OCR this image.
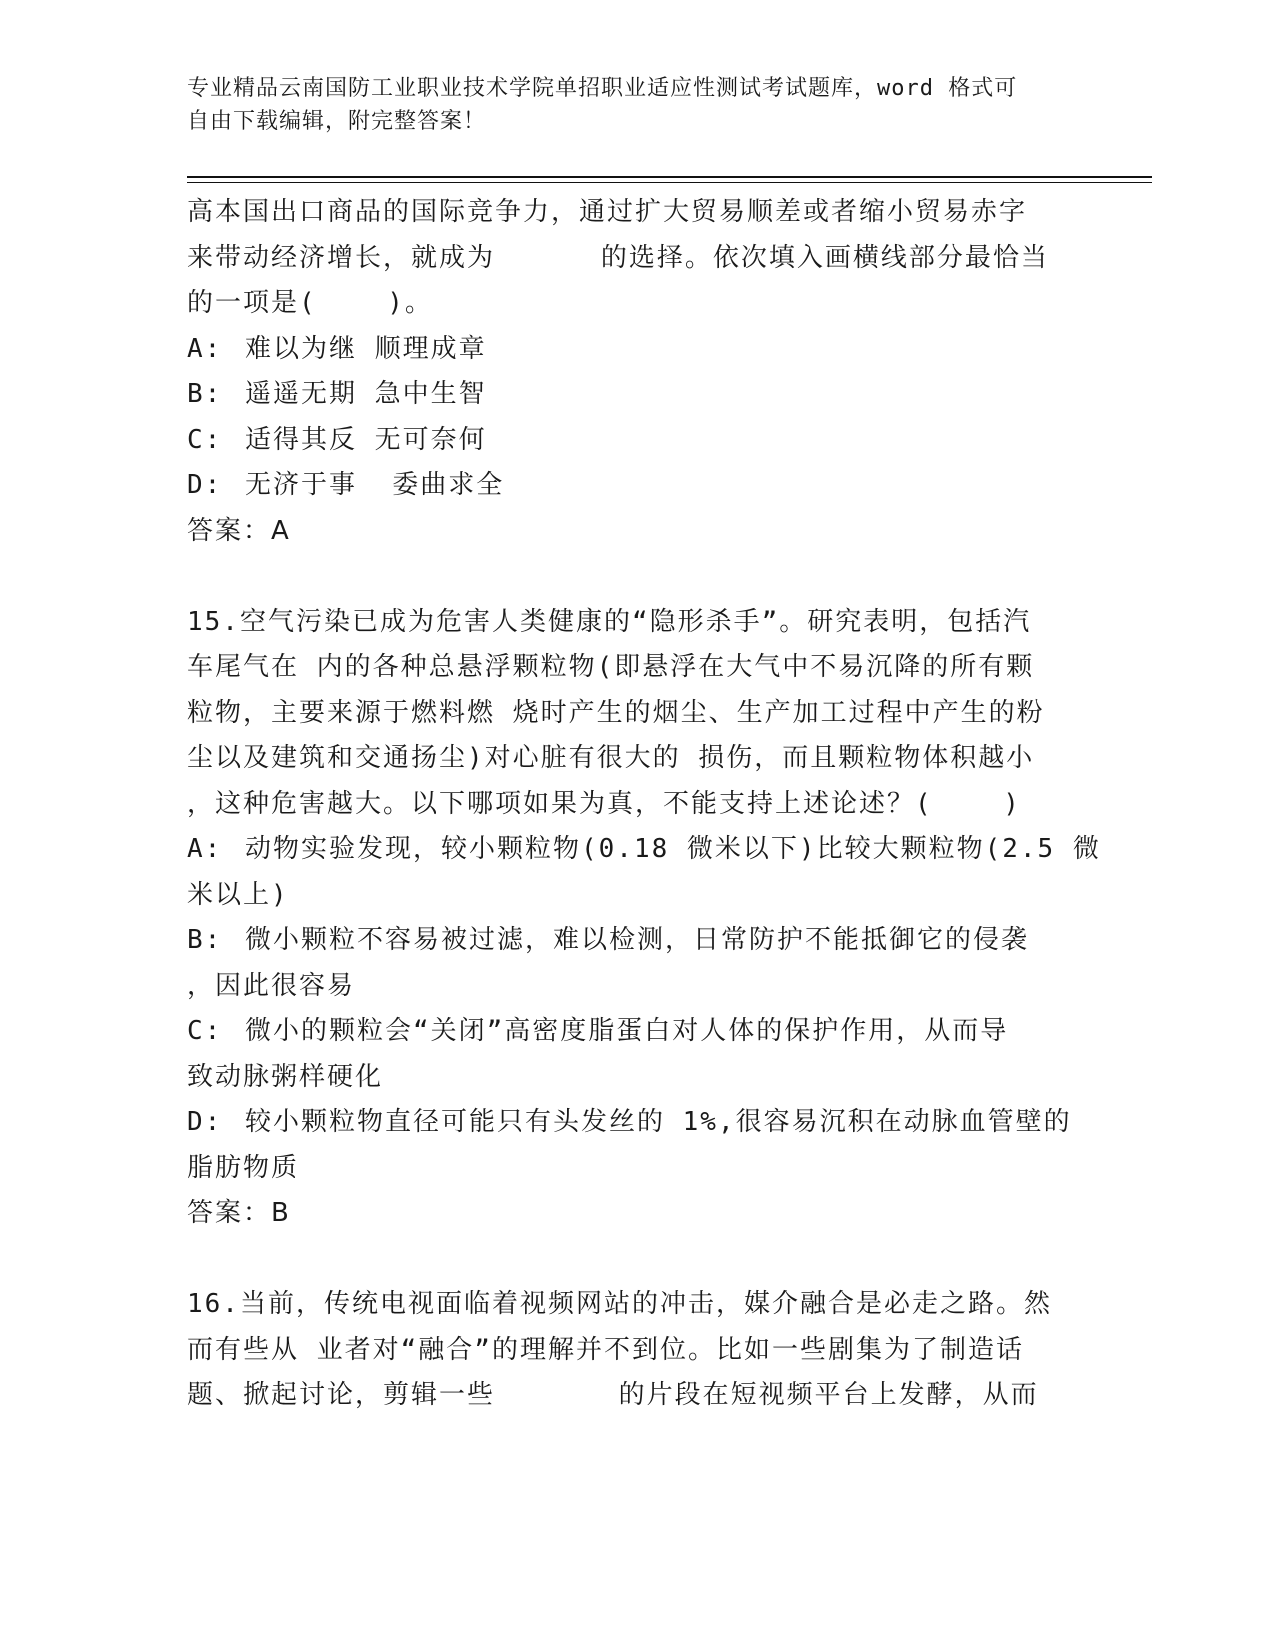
专业精品云南国防工业职业技术学院单招职业适应性测试考试题库，word 格式可
自由下载编辑，附完整答案！
高本国出口商品的国际竞争力，通过扩大贸易顺差或者缩小贸易赤字
来带动经济增长，就成为      的选择。依次填入画横线部分最恰当
的一项是(    )。
A: 难以为继 顺理成章
B: 遥遥无期 急中生智
C: 适得其反 无可奈何
D: 无济于事  委曲求全
答案：A
15.空气污染已成为危害人类健康的“隐形杀手”。研究表明，包括汽
车尾气在 内的各种总悬浮颗粒物(即悬浮在大气中不易沉降的所有颗
粒物，主要来源于燃料燃 烧时产生的烟尘、生产加工过程中产生的粉
尘以及建筑和交通扬尘)对心脏有很大的 损伤，而且颗粒物体积越小
，这种危害越大。以下哪项如果为真，不能支持上述论述？(    )
A: 动物实验发现，较小颗粒物(0.18 微米以下)比较大颗粒物(2.5 微
米以上)
B: 微小颗粒不容易被过滤，难以检测，日常防护不能抵御它的侵袭
，因此很容易
C: 微小的颗粒会“关闭”高密度脂蛋白对人体的保护作用，从而导
致动脉粥样硬化
D: 较小颗粒物直径可能只有头发丝的 1%,很容易沉积在动脉血管壁的
脂肪物质
答案：B
16.当前，传统电视面临着视频网站的冲击，媒介融合是必走之路。然
而有些从 业者对“融合”的理解并不到位。比如一些剧集为了制造话
题、掀起讨论，剪辑一些       的片段在短视频平台上发酵，从而
